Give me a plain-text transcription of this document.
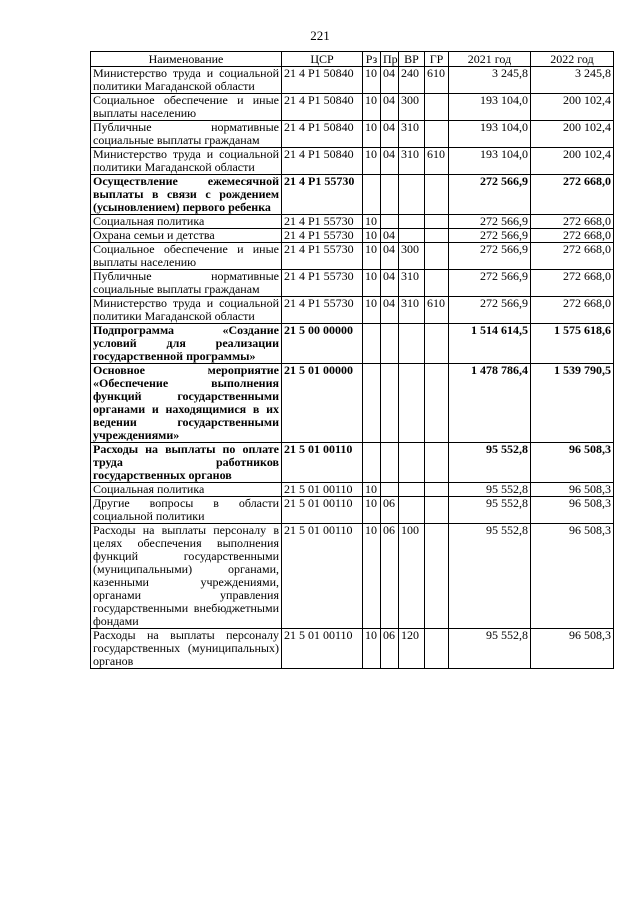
221
Наименование	ЦСР	Рз	Пр	ВР	ГР	2021 год	2022 год
Министерство труда и социальной политики Магаданской области	21 4 P1 50840	10	04	240	610	3 245,8	3 245,8
Социальное обеспечение и иные выплаты населению	21 4 P1 50840	10	04	300		193 104,0	200 102,4
Публичные нормативные социальные выплаты гражданам	21 4 P1 50840	10	04	310		193 104,0	200 102,4
Министерство труда и социальной политики Магаданской области	21 4 P1 50840	10	04	310	610	193 104,0	200 102,4
Осуществление ежемесячной выплаты в связи с рождением (усыновлением) первого ребенка	21 4 P1 55730					272 566,9	272 668,0
Социальная политика	21 4 P1 55730	10				272 566,9	272 668,0
Охрана семьи и детства	21 4 P1 55730	10	04			272 566,9	272 668,0
Социальное обеспечение и иные выплаты населению	21 4 P1 55730	10	04	300		272 566,9	272 668,0
Публичные нормативные социальные выплаты гражданам	21 4 P1 55730	10	04	310		272 566,9	272 668,0
Министерство труда и социальной политики Магаданской области	21 4 P1 55730	10	04	310	610	272 566,9	272 668,0
Подпрограмма «Создание условий для реализации государственной программы»	21 5 00 00000					1 514 614,5	1 575 618,6
Основное мероприятие «Обеспечение выполнения функций государственными органами и находящимися в их ведении государственными учреждениями»	21 5 01 00000					1 478 786,4	1 539 790,5
Расходы на выплаты по оплате труда работников государственных органов	21 5 01 00110					95 552,8	96 508,3
Социальная политика	21 5 01 00110	10				95 552,8	96 508,3
Другие вопросы в области социальной политики	21 5 01 00110	10	06			95 552,8	96 508,3
Расходы на выплаты персоналу в целях обеспечения выполнения функций государственными (муниципальными) органами, казенными учреждениями, органами управления государственными внебюджетными фондами	21 5 01 00110	10	06	100		95 552,8	96 508,3
Расходы на выплаты персоналу государственных (муниципальных) органов	21 5 01 00110	10	06	120		95 552,8	96 508,3
